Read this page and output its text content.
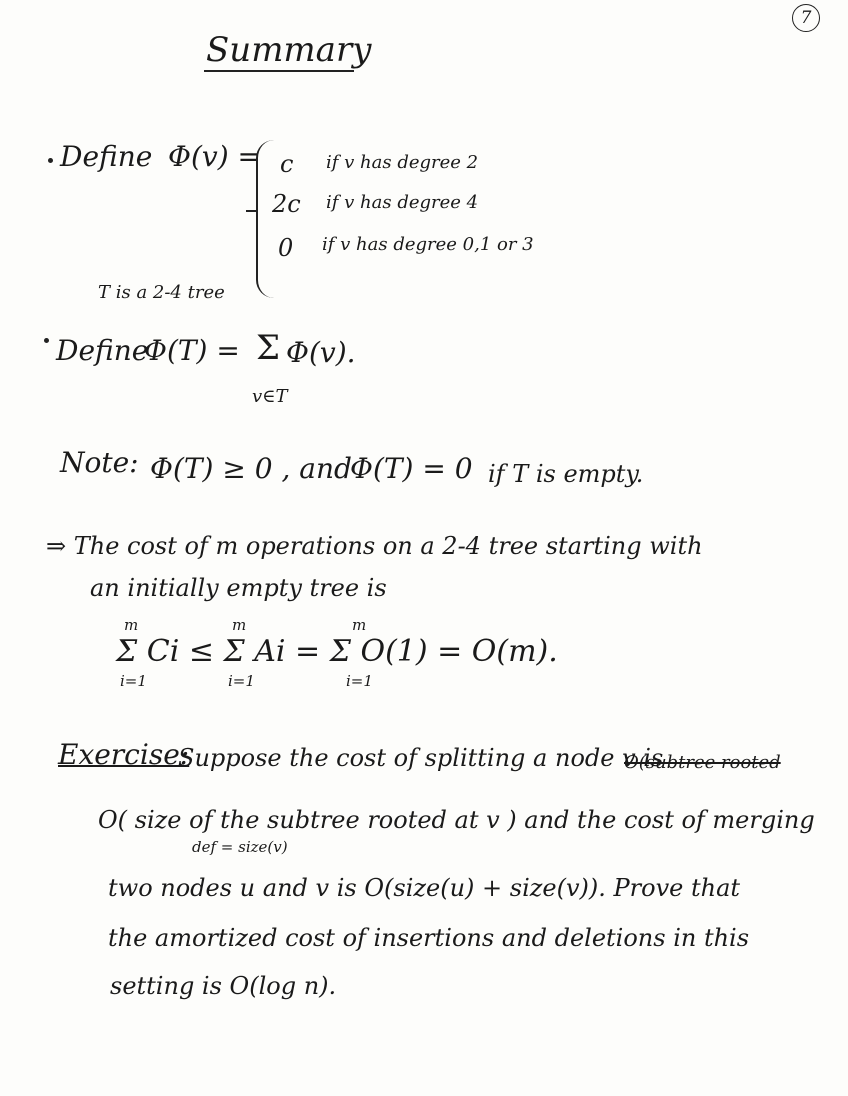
7
Summary
Define Φ(v) = c if v has degree 2
2c if v has degree 4
0 if v has degree 0,1 or 3
T is a 2-4 tree
Define
Φ(T) = Σ Φ(v).
v∈T
Note: Φ(T) ≥ 0 , and
Φ(T) = 0 if T is empty.
⇒ The cost of m operations on a 2-4 tree starting with
an initially empty tree is
m	m	m
Σ Ci ≤ Σ Ai = Σ O(1) = O(m).
i=1	i=1	i=1
Exercise:
Suppose the cost of splitting a node v is
O(subtree rooted
O( size of the subtree rooted at v ) and the cost of merging
def = size(v)
two nodes u and v is O(size(u) + size(v)). Prove that
the amortized cost of insertions and deletions in this
setting is O(log n).
